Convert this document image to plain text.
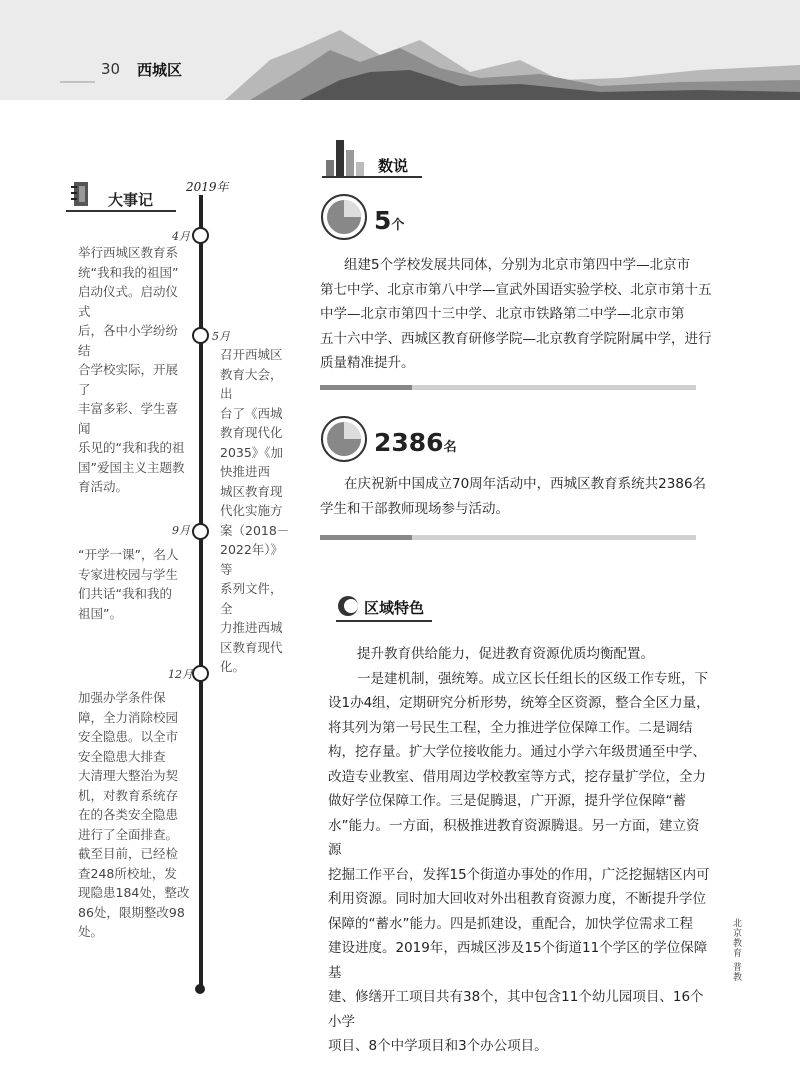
30 西城区
大事记
2019年
4月
举行西城区教育系
统“我和我的祖国”
启动仪式。启动仪式
后，各中小学纷纷结
合学校实际，开展了
丰富多彩、学生喜闻
乐见的“我和我的祖
国”爱国主义主题教
育活动。
5月
召开西城区
教育大会，出
台了《西城
教育现代化
2035》《加
快推进西
城区教育现
代化实施方
案（2018－
2022年）》等
系列文件，全
力推进西城
区教育现代
化。
9月
“开学一课”，名人
专家进校园与学生
们共话“我和我的
祖国”。
12月
加强办学条件保
障，全力消除校园
安全隐患。以全市
安全隐患大排查
大清理大整治为契
机，对教育系统存
在的各类安全隐患
进行了全面排查。
截至目前，已经检
查248所校址，发
现隐患184处，整改
86处，限期整改98
处。
数说
5个
组建5个学校发展共同体，分别为北京市第四中学—北京市
第七中学、北京市第八中学—宣武外国语实验学校、北京市第十五
中学—北京市第四十三中学、北京市铁路第二中学—北京市第
五十六中学、西城区教育研修学院—北京教育学院附属中学，进行
质量精准提升。
2386名
在庆祝新中国成立70周年活动中，西城区教育系统共2386名
学生和干部教师现场参与活动。
区域特色
提升教育供给能力，促进教育资源优质均衡配置。
一是建机制，强统筹。成立区长任组长的区级工作专班，下
设1办4组，定期研究分析形势，统筹全区资源，整合全区力量，
将其列为第一号民生工程，全力推进学位保障工作。二是调结
构，挖存量。扩大学位接收能力。通过小学六年级贯通至中学、
改造专业教室、借用周边学校教室等方式，挖存量扩学位，全力
做好学位保障工作。三是促腾退，广开源，提升学位保障“蓄
水”能力。一方面，积极推进教育资源腾退。另一方面，建立资源
挖掘工作平台，发挥15个街道办事处的作用，广泛挖掘辖区内可
利用资源。同时加大回收对外出租教育资源力度，不断提升学位
保障的“蓄水”能力。四是抓建设，重配合，加快学位需求工程
建设进度。2019年，西城区涉及15个街道11个学区的学位保障基
建、修缮开工项目共有38个，其中包含11个幼儿园项目、16个小学
项目、8个中学项目和3个办公项目。
北京教育 普教
